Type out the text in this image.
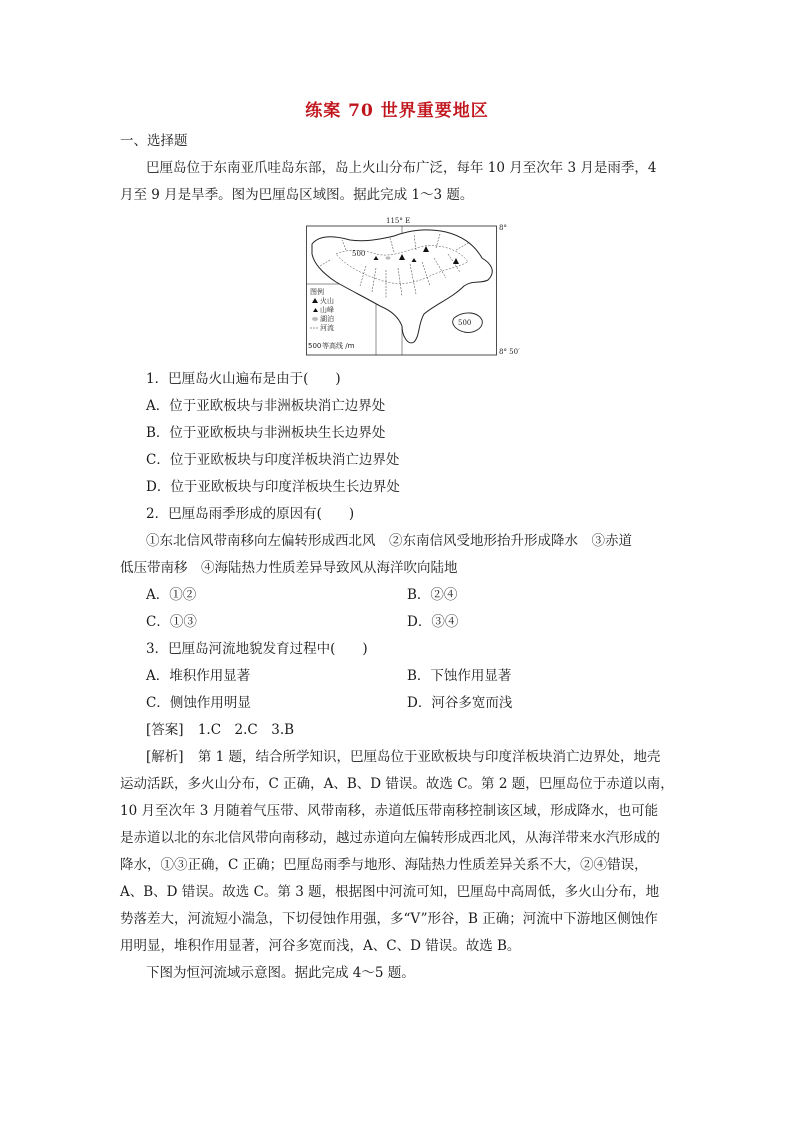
练案 70 世界重要地区
一、选择题
巴厘岛位于东南亚爪哇岛东部，岛上火山分布广泛，每年 10 月至次年 3 月是雨季，4
月至 9 月是旱季。图为巴厘岛区域图。据此完成 1～3 题。
115° E
8°
8° 50′
500
500
图例
火山
山峰
湖泊
河流
500 等高线 /m
1．巴厘岛火山遍布是由于(　　)
A．位于亚欧板块与非洲板块消亡边界处
B．位于亚欧板块与非洲板块生长边界处
C．位于亚欧板块与印度洋板块消亡边界处
D．位于亚欧板块与印度洋板块生长边界处
2．巴厘岛雨季形成的原因有(　　)
①东北信风带南移向左偏转形成西北风　②东南信风受地形抬升形成降水　③赤道
低压带南移　④海陆热力性质差异导致风从海洋吹向陆地
A．①②	B．②④
C．①③	D．③④
3．巴厘岛河流地貌发育过程中(　　)
A．堆积作用显著	B．下蚀作用显著
C．侧蚀作用明显	D．河谷多宽而浅
[答案] 1.C　2.C　3.B
[解析] 第 1 题，结合所学知识，巴厘岛位于亚欧板块与印度洋板块消亡边界处，地壳
运动活跃，多火山分布，C 正确，A、B、D 错误。故选 C。第 2 题，巴厘岛位于赤道以南，
10 月至次年 3 月随着气压带、风带南移，赤道低压带南移控制该区域，形成降水，也可能
是赤道以北的东北信风带向南移动，越过赤道向左偏转形成西北风，从海洋带来水汽形成的
降水，①③正确，C 正确；巴厘岛雨季与地形、海陆热力性质差异关系不大，②④错误，
A、B、D 错误。故选 C。第 3 题，根据图中河流可知，巴厘岛中高周低，多火山分布，地
势落差大，河流短小湍急，下切侵蚀作用强，多“V”形谷，B 正确；河流中下游地区侧蚀作
用明显，堆积作用显著，河谷多宽而浅，A、C、D 错误。故选 B。
下图为恒河流域示意图。据此完成 4～5 题。
